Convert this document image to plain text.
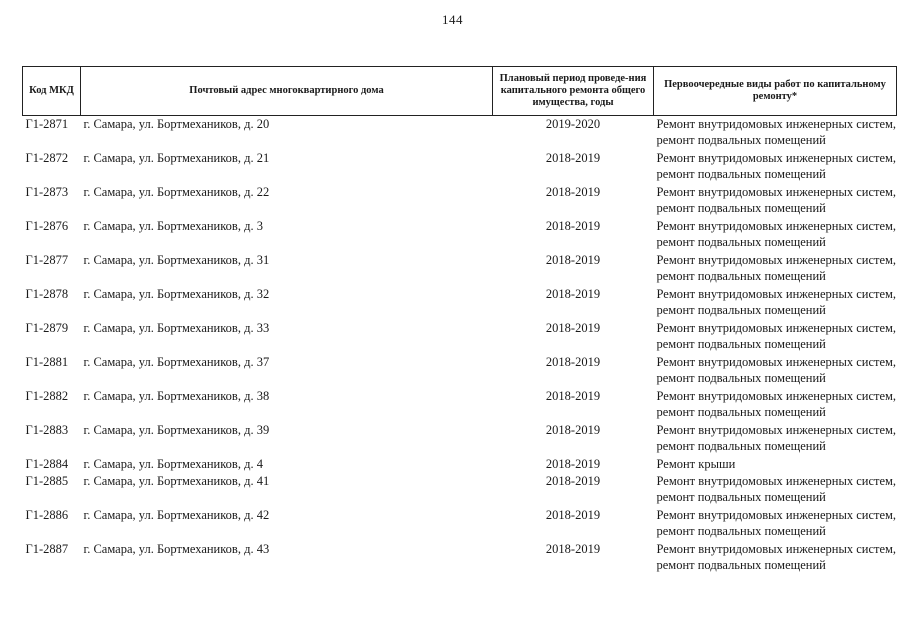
144
Код МКД	Почтовый адрес многоквартирного дома	Плановый период проведе-ния капитального ремонта общего имущества, годы	Первоочередные виды работ по капитальному ремонту*
Г1-2871	г. Самара, ул. Бортмехаников, д. 20	2019-2020	Ремонт внутридомовых инженерных систем,
ремонт подвальных помещений

Г1-2872	г. Самара, ул. Бортмехаников, д. 21	2018-2019	Ремонт внутридомовых инженерных систем,
ремонт подвальных помещений

Г1-2873	г. Самара, ул. Бортмехаников, д. 22	2018-2019	Ремонт внутридомовых инженерных систем,
ремонт подвальных помещений

Г1-2876	г. Самара, ул. Бортмехаников, д. 3	2018-2019	Ремонт внутридомовых инженерных систем,
ремонт подвальных помещений

Г1-2877	г. Самара, ул. Бортмехаников, д. 31	2018-2019	Ремонт внутридомовых инженерных систем,
ремонт подвальных помещений

Г1-2878	г. Самара, ул. Бортмехаников, д. 32	2018-2019	Ремонт внутридомовых инженерных систем,
ремонт подвальных помещений

Г1-2879	г. Самара, ул. Бортмехаников, д. 33	2018-2019	Ремонт внутридомовых инженерных систем,
ремонт подвальных помещений

Г1-2881	г. Самара, ул. Бортмехаников, д. 37	2018-2019	Ремонт внутридомовых инженерных систем,
ремонт подвальных помещений

Г1-2882	г. Самара, ул. Бортмехаников, д. 38	2018-2019	Ремонт внутридомовых инженерных систем,
ремонт подвальных помещений

Г1-2883	г. Самара, ул. Бортмехаников, д. 39	2018-2019	Ремонт внутридомовых инженерных систем,
ремонт подвальных помещений

Г1-2884	г. Самара, ул. Бортмехаников, д. 4	2018-2019	Ремонт крыши

Г1-2885	г. Самара, ул. Бортмехаников, д. 41	2018-2019	Ремонт внутридомовых инженерных систем,
ремонт подвальных помещений

Г1-2886	г. Самара, ул. Бортмехаников, д. 42	2018-2019	Ремонт внутридомовых инженерных систем,
ремонт подвальных помещений

Г1-2887	г. Самара, ул. Бортмехаников, д. 43	2018-2019	Ремонт внутридомовых инженерных систем,
ремонт подвальных помещений
